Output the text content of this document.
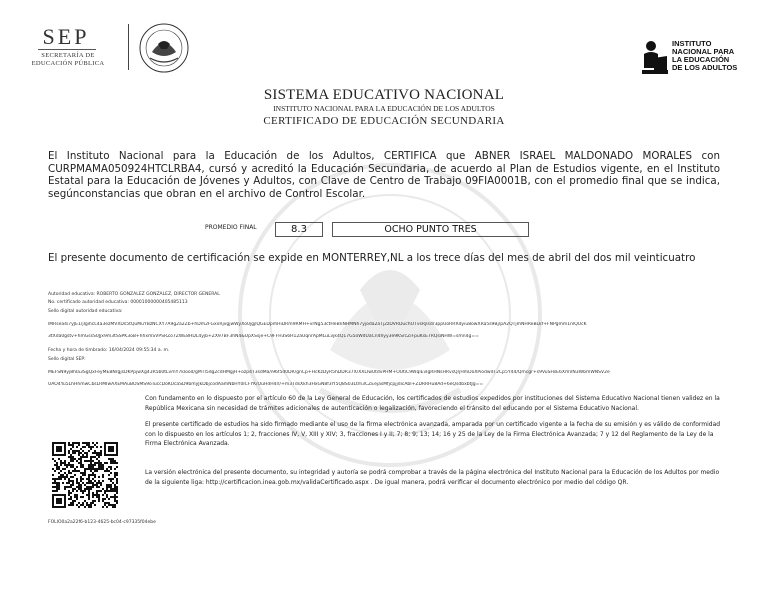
SEP
SECRETARÍA DE
EDUCACIÓN PÚBLICA
INSTITUTO
NACIONAL PARA
LA EDUCACIÓN
DE LOS ADULTOS
SISTEMA EDUCATIVO NACIONAL
INSTITUTO NACIONAL PARA LA EDUCACIÓN DE LOS ADULTOS
CERTIFICADO DE EDUCACIÓN SECUNDARIA
El Instituto Nacional para la Educación de los Adultos, CERTIFICA que ABNER ISRAEL MALDONADO MORALES con CURPMAMA050924HTCLRBA4, cursó y acreditó la Educación Secundaria, de acuerdo al Plan de Estudios vigente, en el Instituto Estatal para la Educación de Jóvenes y Adultos, con Clave de Centro de Trabajo 09FIA0001B, con el promedio final que se indica, segúnconstancias que obran en el archivo de Control Escolar.
PROMEDIO FINAL	8.3	OCHO PUNTO TRES
El presente documento de certificación se expide en MONTERREY,NL a los trece días del mes de abril del dos mil veinticuatro
Autoridad educativa: ROBERTO GONZALEZ GONZALEZ, DIRECTOR GENERAL
No. certificado autoridad educativa: 00001000000405485113
Sello digital autoridad educativa:
lMRsea4i7yJE1/jlgihcL4a3ezMVXDs5tQuMuYBzNCXY7A9g2a2Zb+hDm2FGxxRjvgjwWyXo0jgjlQGEDpmHiDRm9RMH+vrNg53ctHeBnNHMNh7yjoda2aTj2zDVRDuchOTvsRjlsdr3ppUoRRRdyiu8owXRa5s9Bj/pA2QTjmNHReBLkf+FNPgmm1nlQUcK
3tXda0gstv+hmGssS0Jjx9m3tSSPK3oB+hhxmSVPSRZo7ZWE8HDL4yjb+ZX97BF3hN4&UpXSsje+C9FFH3S6H12aUqnrApMLuLvjk4Q17G5oWdUaCn4hyy3e9KSrcZiFpuKsE7RQsiNHW=smn4g==
Fecha y hora de timbrado: 16/04/2024 09:55:34 a. m.
Sello digital SEP:
MEFSN9yj8hIa3SgQxFeyMEBNrgjsDKPpjwXg43R5b0tLvmY7kIood/gMTI5dg2cdHMgjH+ozp4T3sdMa/i96f5d0DR/gnCp+HcKzDyR5hDDR37X/XXLIwUtdvPHM+OUtiC9WqlEvIgRHNsHRvsQ/jHmDoXPiodwdT2Cp5Y44/Qmcgr+s9VuSHsE6XmVN3WbmWNSV2e
UAO4Yu5LhHhmwCbsLRMIwAXEMAuBOSMS9oTuccDoKUcaSD9bmyJkDbjcodAamNbHY0ICFYK/OuHdH4rl/+m3TdsXkh3HxGN8f3lY5Q8S03Ltm3CZEejasMfjcpjjdicAbI+ZDRRHu8Ad+6eQsdbxbtJg==
Con fundamento en lo dispuesto por el artículo 60 de la Ley General de Educación, los certificados de estudios expedidos por instituciones del Sistema Educativo Nacional tienen validez en la República Mexicana sin necesidad de trámites adicionales de autenticación o legalización, favoreciendo el tránsito del educando por el Sistema Educativo Nacional.
El presente certificado de estudios ha sido firmado mediante el uso de la firma electrónica avanzada, amparada por un certificado vigente a la fecha de su emisión y es válido de conformidad con lo dispuesto en los artículos 1; 2, fracciones IV, V, XIII y XIV; 3, fracciones I y II; 7; 8; 9; 13; 14; 16 y 25 de la Ley de la Firma Electrónica Avanzada; 7 y 12 del Reglamento de la Ley de la Firma Electrónica Avanzada.
La versión electrónica del presente documento, su integridad y autoría se podrá comprobar a través de la página electrónica del Instituto Nacional para la Educación de los Adultos por medio de la siguiente liga: http://certificacion.inea.gob.mx/validaCertificado.aspx . De igual manera, podrá verificar el documento electrónico por medio del código QR.
FOLIO0a2a22f6-b123-4625-bc04-c97335f04ebe
